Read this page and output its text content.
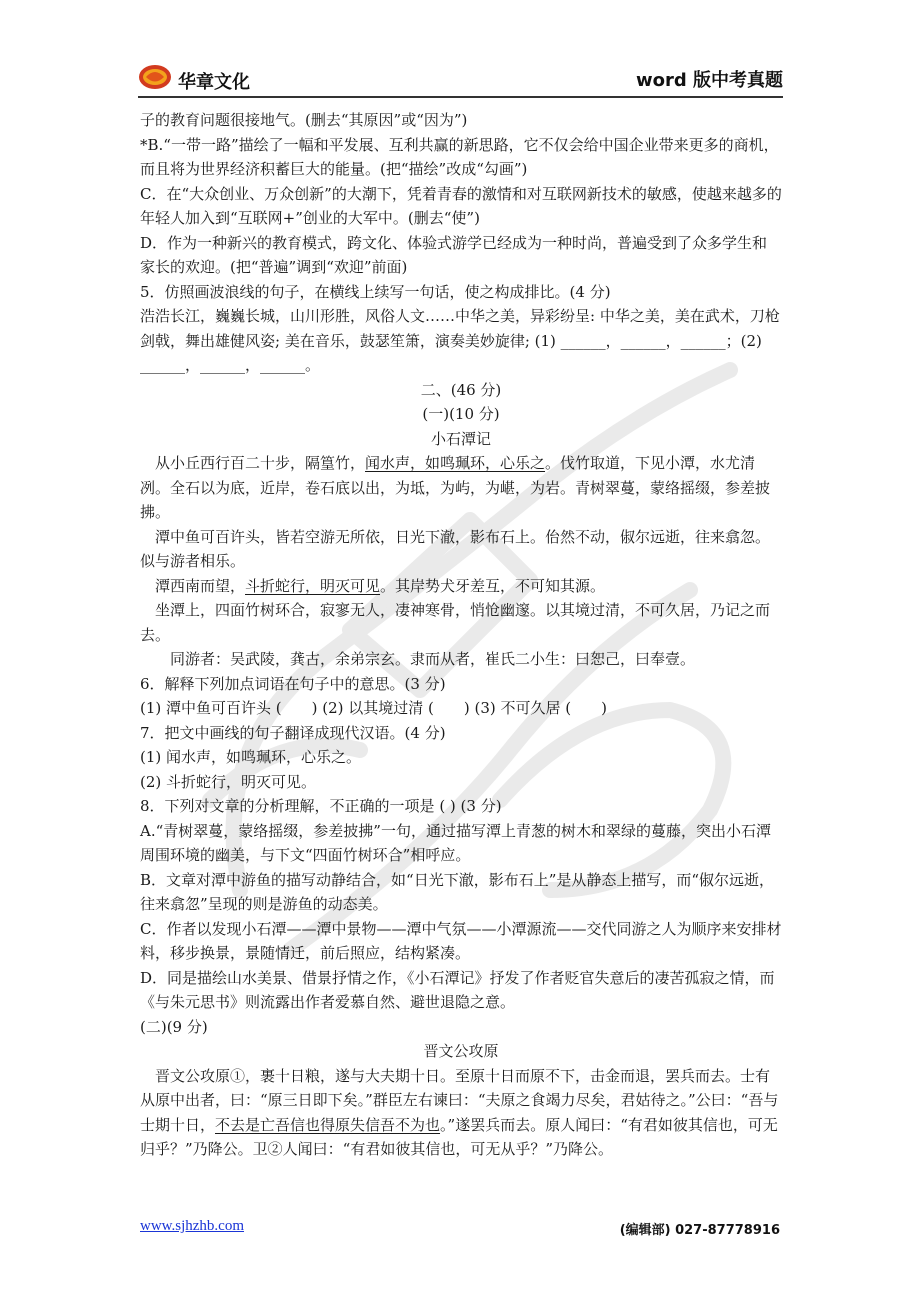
华章文化	word 版中考真题

子的教育问题很接地气。(删去“其原因”或“因为”)

*B.“一带一路”描绘了一幅和平发展、互利共赢的新思路，它不仅会给中国企业带来更多的商机，而且将为世界经济积蓄巨大的能量。(把“描绘”改成“勾画”)

C．在“大众创业、万众创新”的大潮下，凭着青春的激情和对互联网新技术的敏感，使越来越多的年轻人加入到“互联网+”创业的大军中。(删去“使”)

D．作为一种新兴的教育模式，跨文化、体验式游学已经成为一种时尚，普遍受到了众多学生和家长的欢迎。(把“普遍”调到“欢迎”前面)

5．仿照画波浪线的句子，在横线上续写一句话，使之构成排比。(4 分)

浩浩长江，巍巍长城，山川形胜，风俗人文……中华之美，异彩纷呈: 中华之美，美在武术，刀枪剑戟，舞出雄健风姿; 美在音乐，鼓瑟笙箫，演奏美妙旋律; (1) ______，______，______；(2) ______，______，______。

二、(46 分)

(一)(10 分)

小石潭记

从小丘西行百二十步，隔篁竹，闻水声，如鸣珮环，心乐之。伐竹取道，下见小潭，水尤清冽。全石以为底，近岸，卷石底以出，为坻，为屿，为嵁，为岩。青树翠蔓，蒙络摇缀，参差披拂。

潭中鱼可百许头，皆若空游无所依，日光下澈，影布石上。佁然不动，俶尔远逝，往来翕忽。似与游者相乐。

潭西南而望，斗折蛇行，明灭可见。其岸势犬牙差互，不可知其源。

坐潭上，四面竹树环合，寂寥无人，凄神寒骨，悄怆幽邃。以其境过清，不可久居，乃记之而去。

同游者：吴武陵，龚古，余弟宗玄。隶而从者，崔氏二小生：曰恕己，曰奉壹。

6．解释下列加点词语在句子中的意思。(3 分)

(1) 潭中鱼可百许头 (　　) (2) 以其境过清 (　　) (3) 不可久居 (　　)

7．把文中画线的句子翻译成现代汉语。(4 分)

(1) 闻水声，如鸣珮环，心乐之。

(2) 斗折蛇行，明灭可见。

8．下列对文章的分析理解，不正确的一项是 ( ) (3 分)

A.“青树翠蔓，蒙络摇缀，参差披拂”一句，通过描写潭上青葱的树木和翠绿的蔓藤，突出小石潭周围环境的幽美，与下文“四面竹树环合”相呼应。

B．文章对潭中游鱼的描写动静结合，如“日光下澈，影布石上”是从静态上描写，而“俶尔远逝，往来翕忽”呈现的则是游鱼的动态美。

C．作者以发现小石潭——潭中景物——潭中气氛——小潭源流——交代同游之人为顺序来安排材料，移步换景，景随情迁，前后照应，结构紧凑。

D．同是描绘山水美景、借景抒情之作，《小石潭记》抒发了作者贬官失意后的凄苦孤寂之情，而《与朱元思书》则流露出作者爱慕自然、避世退隐之意。

(二)(9 分)

晋文公攻原

晋文公攻原①，裹十日粮，遂与大夫期十日。至原十日而原不下，击金而退，罢兵而去。士有从原中出者，曰：“原三日即下矣。”群臣左右谏曰：“夫原之食竭力尽矣，君姑待之。”公曰：“吾与士期十日，不去是亡吾信也得原失信吾不为也。”遂罢兵而去。原人闻曰：“有君如彼其信也，可无归乎？”乃降公。卫②人闻曰：“有君如彼其信也，可无从乎？”乃降公。

www.sjhzhb.com	(编辑部) 027-87778916
